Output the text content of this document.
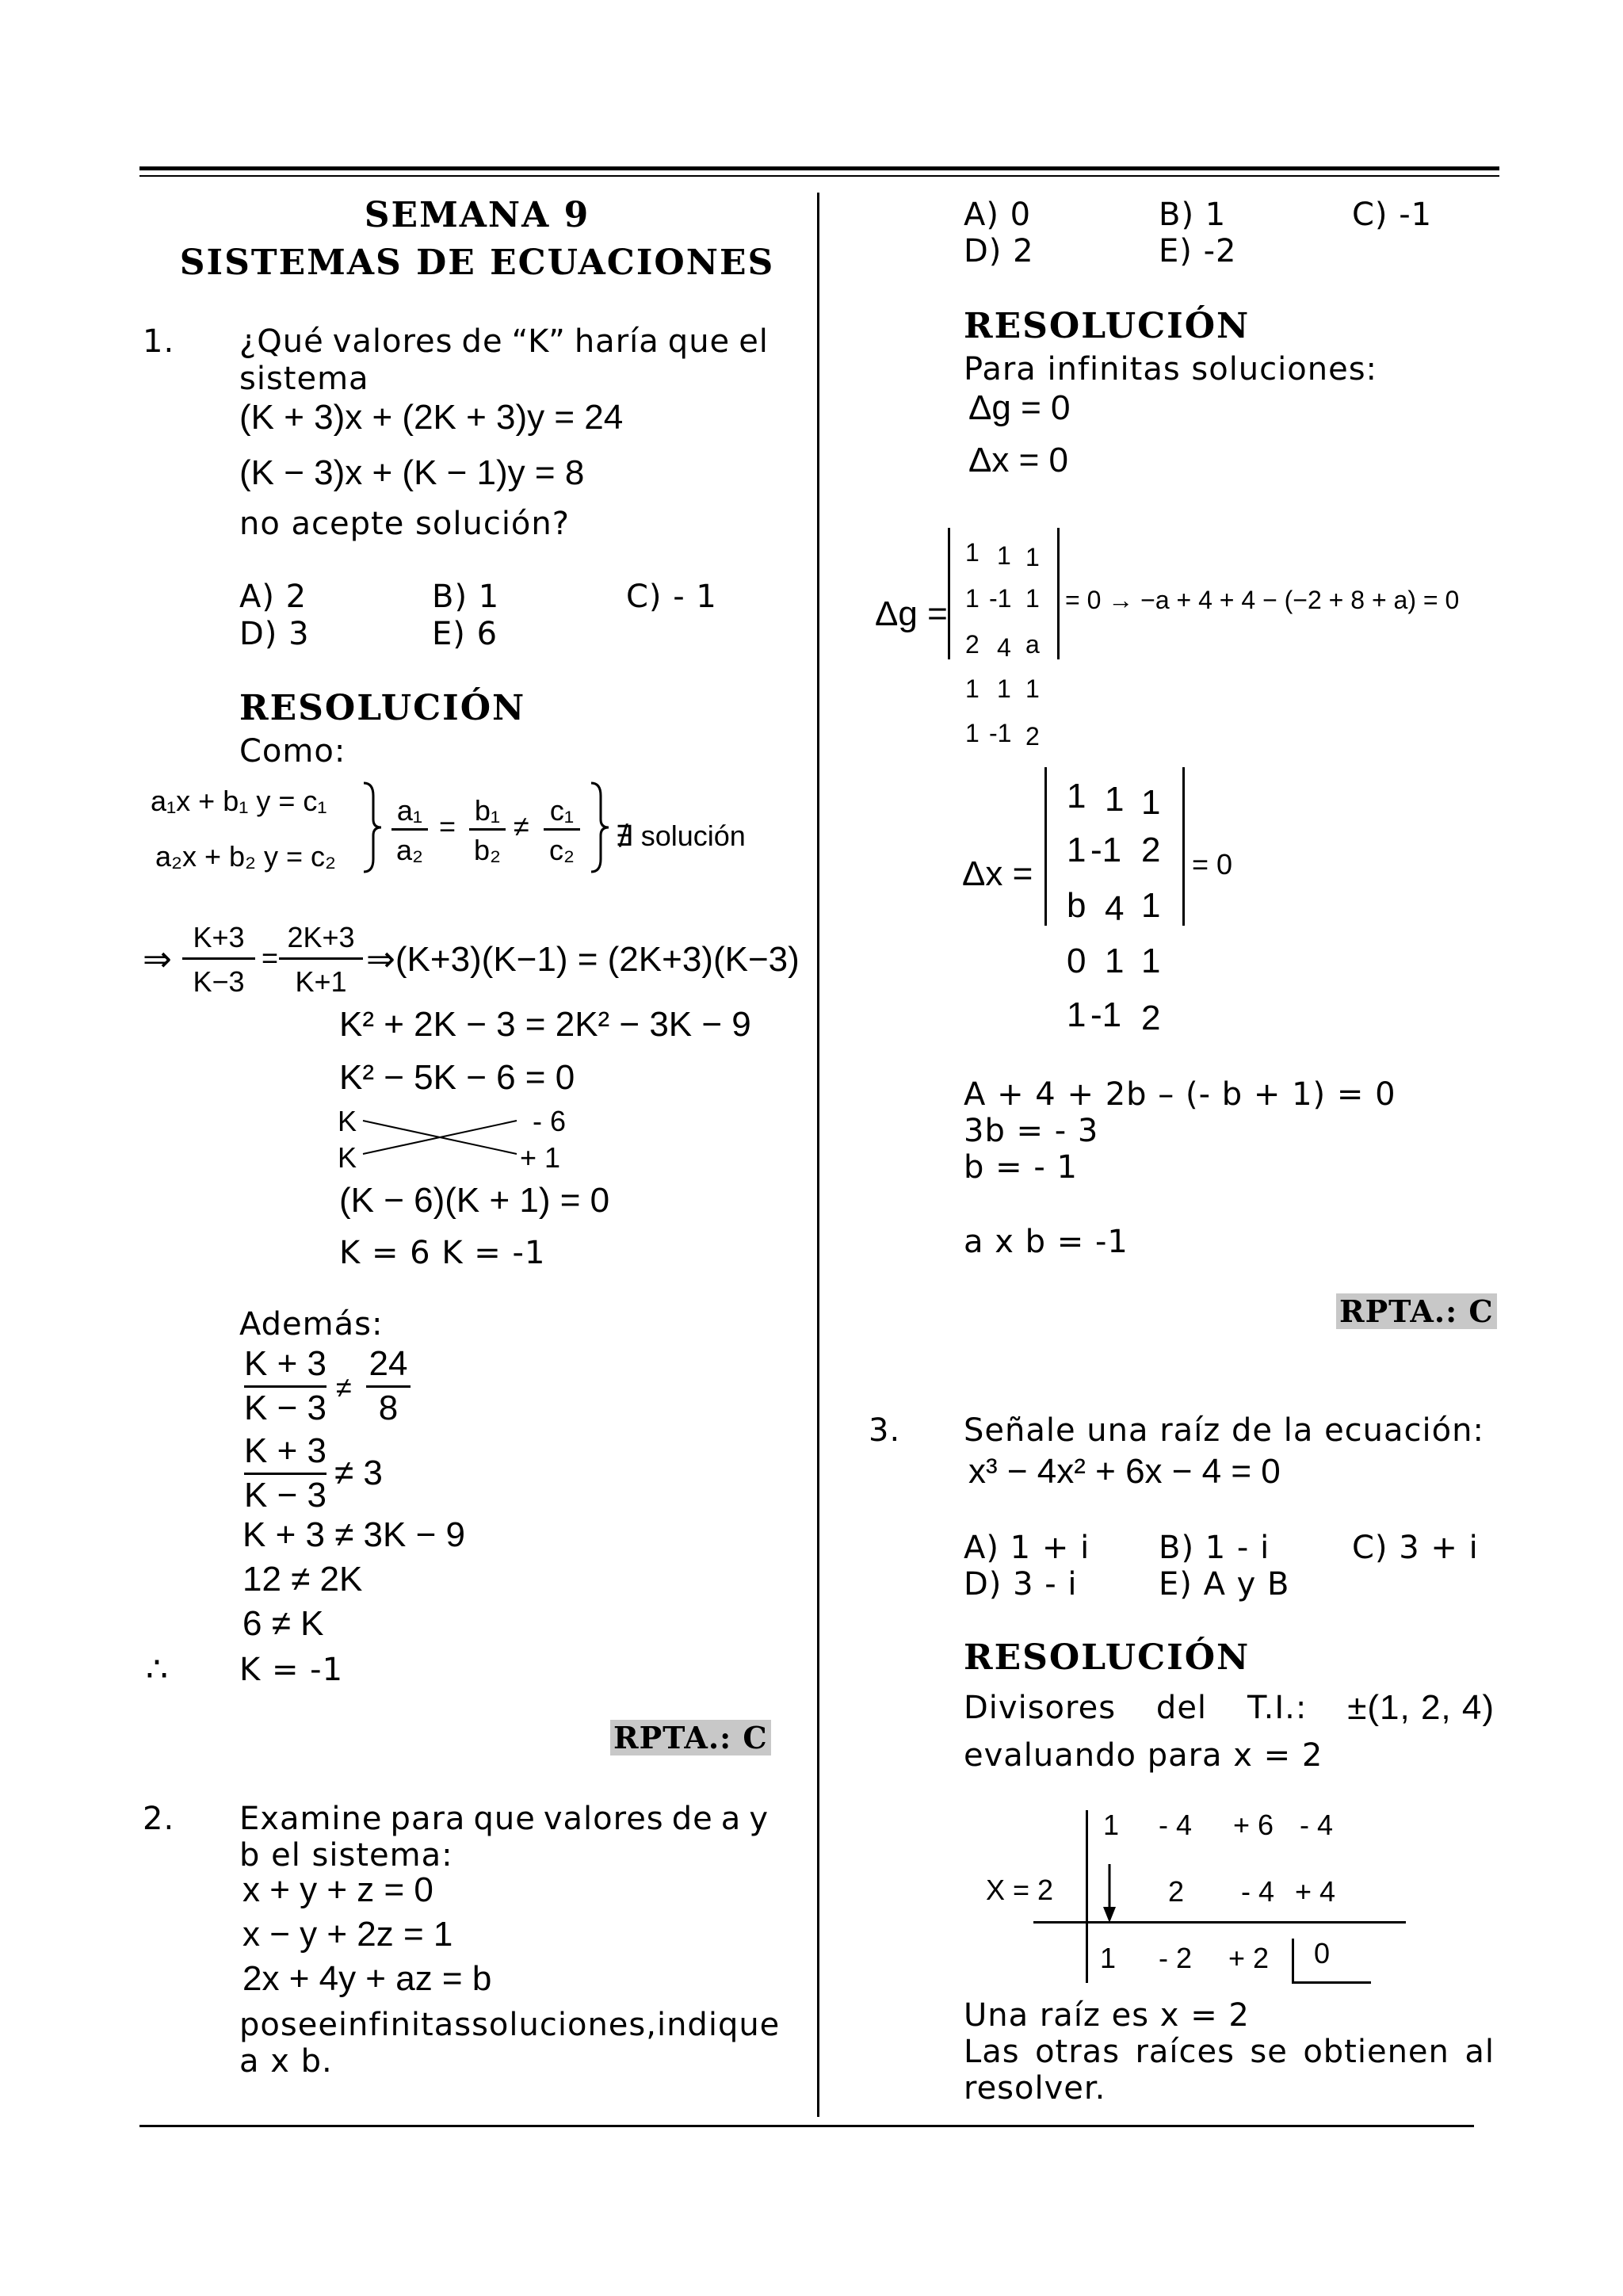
SEMANA 9
SISTEMAS DE ECUACIONES
1. ¿Qué valores de “K” haría que el
sistema
(K + 3)x + (2K + 3)y = 24
(K − 3)x + (K − 1)y = 8
no acepte solución?
A) 2	B) 1	C) - 1
D) 3	E) 6
RESOLUCIÓN
Como:
a₁x + b₁ y = c₁
a₂x + b₂ y = c₂
a₁
a₂
= b₁
b₂
≠ c₁
c₂ ∄ solución
⇒
K+3
K−3
=
2K+3
K+1
⇒(K+3)(K−1) = (2K+3)(K−3)
K² + 2K − 3 = 2K² − 3K − 9
K² − 5K − 6 = 0
K
K
- 6
+ 1
(K − 6)(K + 1) = 0
K = 6 K = -1
Además:
K + 3
K − 3
≠
24
8
K + 3
K − 3
≠ 3
K + 3 ≠ 3K − 9
12 ≠ 2K
6 ≠ K
∴ K = -1
RPTA.: C
2. Examine para que valores de a y
b el sistema:
x + y + z = 0
x − y + 2z = 1
2x + 4y + az = b
posee infinitas soluciones, indique
a x b.
A) 0	B) 1	C) -1
D) 2	E) -2
RESOLUCIÓN
Para infinitas soluciones:
Δg = 0
Δx = 0
Δg =
1 1 1
1 -1 1
2 4 a
1 1 1
1 -1 2
= 0 → −a + 4 + 4 − (−2 + 8 + a) = 0
Δx =
1 1 1
1 -1 2
b 4 1
0 1 1
1 -1 2
= 0
A + 4 + 2b – (- b + 1) = 0
3b = - 3
b = - 1
a x b = -1
RPTA.: C
3. Señale una raíz de la ecuación:
x³ − 4x² + 6x − 4 = 0
A) 1 + i B) 1 - i	C) 3 + i
D) 3 - i	E) A y B
RESOLUCIÓN
Divisores del T.I.: ±(1, 2, 4)
evaluando para x = 2
X = 2
1 - 4 + 6 - 4
2 - 4 + 4
1 - 2 + 2 0
Una raíz es x = 2
Las otras raíces se obtienen al
resolver.
